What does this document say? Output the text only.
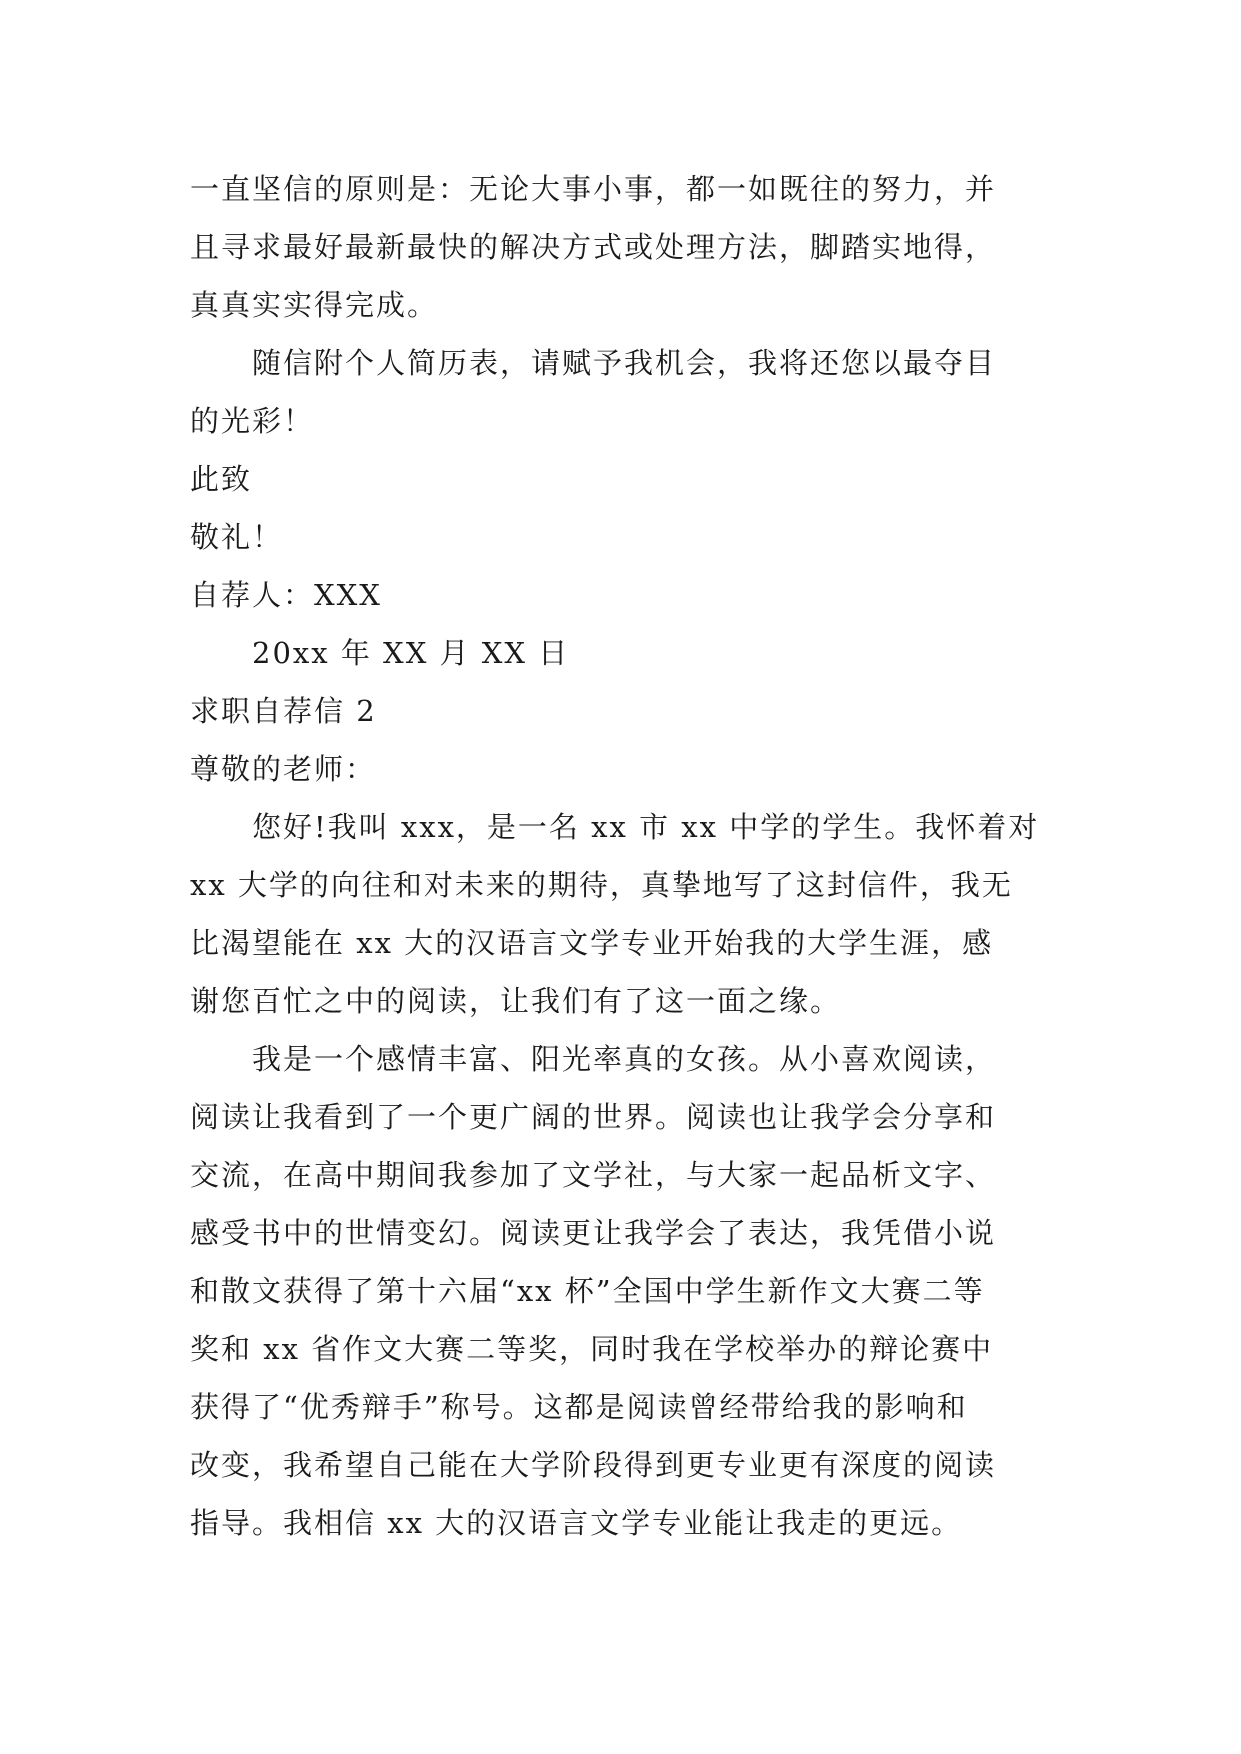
一直坚信的原则是：无论大事小事，都一如既往的努力，并
且寻求最好最新最快的解决方式或处理方法，脚踏实地得，
真真实实得完成。

随信附个人简历表，请赋予我机会，我将还您以最夺目
的光彩！

此致

敬礼！

自荐人：XXX

20xx 年 XX 月 XX 日

求职自荐信 2

尊敬的老师：

您好!我叫 xxx，是一名 xx 市 xx 中学的学生。我怀着对
xx 大学的向往和对未来的期待，真挚地写了这封信件，我无
比渴望能在 xx 大的汉语言文学专业开始我的大学生涯，感
谢您百忙之中的阅读，让我们有了这一面之缘。

我是一个感情丰富、阳光率真的女孩。从小喜欢阅读，
阅读让我看到了一个更广阔的世界。阅读也让我学会分享和
交流，在高中期间我参加了文学社，与大家一起品析文字、
感受书中的世情变幻。阅读更让我学会了表达，我凭借小说
和散文获得了第十六届“xx 杯”全国中学生新作文大赛二等
奖和 xx 省作文大赛二等奖，同时我在学校举办的辩论赛中
获得了“优秀辩手”称号。这都是阅读曾经带给我的影响和
改变，我希望自己能在大学阶段得到更专业更有深度的阅读
指导。我相信 xx 大的汉语言文学专业能让我走的更远。
